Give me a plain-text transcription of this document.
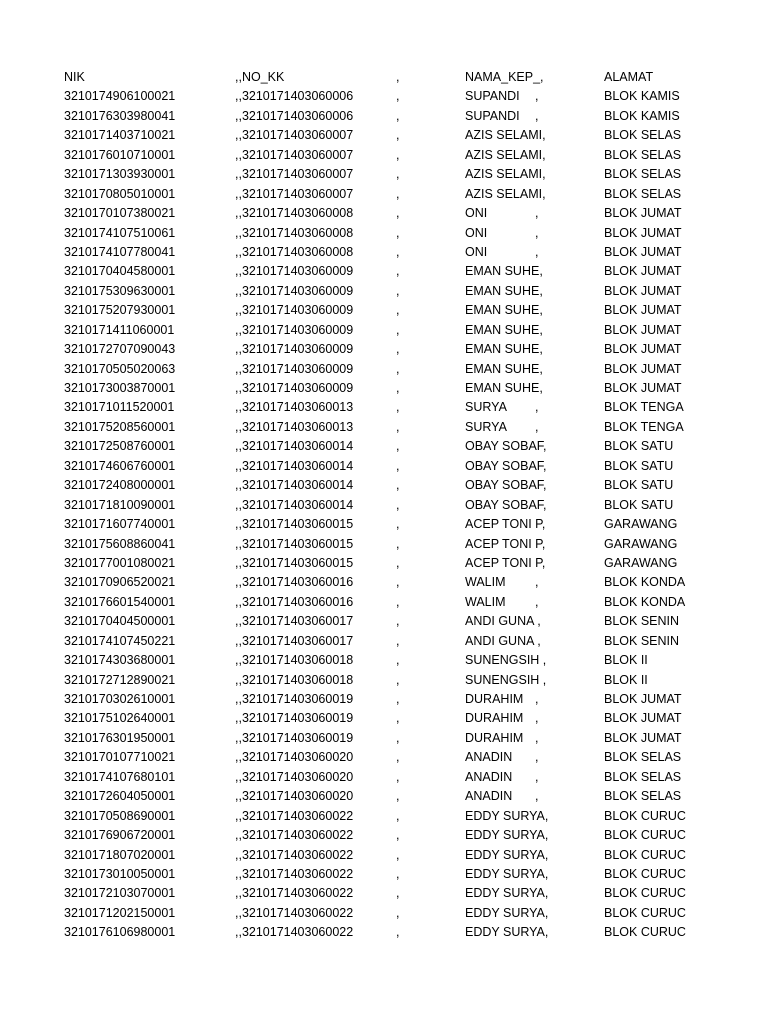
NIK	,,NO_KK	,	NAMA_KEP_,	ALAMAT
3210174906100021	,,3210171403060006	,	SUPANDI	,	BLOK KAMIS
3210176303980041	,,3210171403060006	,	SUPANDI	,	BLOK KAMIS
3210171403710021	,,3210171403060007	,	AZIS SELAMI,	BLOK SELAS
3210176010710001	,,3210171403060007	,	AZIS SELAMI,	BLOK SELAS
3210171303930001	,,3210171403060007	,	AZIS SELAMI,	BLOK SELAS
3210170805010001	,,3210171403060007	,	AZIS SELAMI,	BLOK SELAS
3210170107380021	,,3210171403060008	,	ONI	,	BLOK JUMAT
3210174107510061	,,3210171403060008	,	ONI	,	BLOK JUMAT
3210174107780041	,,3210171403060008	,	ONI	,	BLOK JUMAT
3210170404580001	,,3210171403060009	,	EMAN SUHE,	BLOK JUMAT
3210175309630001	,,3210171403060009	,	EMAN SUHE,	BLOK JUMAT
3210175207930001	,,3210171403060009	,	EMAN SUHE,	BLOK JUMAT
3210171411060001	,,3210171403060009	,	EMAN SUHE,	BLOK JUMAT
3210172707090043	,,3210171403060009	,	EMAN SUHE,	BLOK JUMAT
3210170505020063	,,3210171403060009	,	EMAN SUHE,	BLOK JUMAT
3210173003870001	,,3210171403060009	,	EMAN SUHE,	BLOK JUMAT
3210171011520001	,,3210171403060013	,	SURYA	,	BLOK TENGA
3210175208560001	,,3210171403060013	,	SURYA	,	BLOK TENGA
3210172508760001	,,3210171403060014	,	OBAY SOBAF,	BLOK SATU
3210174606760001	,,3210171403060014	,	OBAY SOBAF,	BLOK SATU
3210172408000001	,,3210171403060014	,	OBAY SOBAF,	BLOK SATU
3210171810090001	,,3210171403060014	,	OBAY SOBAF,	BLOK SATU
3210171607740001	,,3210171403060015	,	ACEP TONI P,	GARAWANG
3210175608860041	,,3210171403060015	,	ACEP TONI P,	GARAWANG
3210177001080021	,,3210171403060015	,	ACEP TONI P,	GARAWANG
3210170906520021	,,3210171403060016	,	WALIM	,	BLOK KONDA
3210176601540001	,,3210171403060016	,	WALIM	,	BLOK KONDA
3210170404500001	,,3210171403060017	,	ANDI GUNA ,	BLOK SENIN
3210174107450221	,,3210171403060017	,	ANDI GUNA ,	BLOK SENIN
3210174303680001	,,3210171403060018	,	SUNENGSIH ,	BLOK II
3210172712890021	,,3210171403060018	,	SUNENGSIH ,	BLOK II
3210170302610001	,,3210171403060019	,	DURAHIM ,	BLOK JUMAT
3210175102640001	,,3210171403060019	,	DURAHIM ,	BLOK JUMAT
3210176301950001	,,3210171403060019	,	DURAHIM ,	BLOK JUMAT
3210170107710021	,,3210171403060020	,	ANADIN	,	BLOK SELAS
3210174107680101	,,3210171403060020	,	ANADIN	,	BLOK SELAS
3210172604050001	,,3210171403060020	,	ANADIN	,	BLOK SELAS
3210170508690001	,,3210171403060022	,	EDDY SURYA,	BLOK CURUC
3210176906720001	,,3210171403060022	,	EDDY SURYA,	BLOK CURUC
3210171807020001	,,3210171403060022	,	EDDY SURYA,	BLOK CURUC
3210173010050001	,,3210171403060022	,	EDDY SURYA,	BLOK CURUC
3210172103070001	,,3210171403060022	,	EDDY SURYA,	BLOK CURUC
3210171202150001	,,3210171403060022	,	EDDY SURYA,	BLOK CURUC
3210176106980001	,,3210171403060022	,	EDDY SURYA,	BLOK CURUC
